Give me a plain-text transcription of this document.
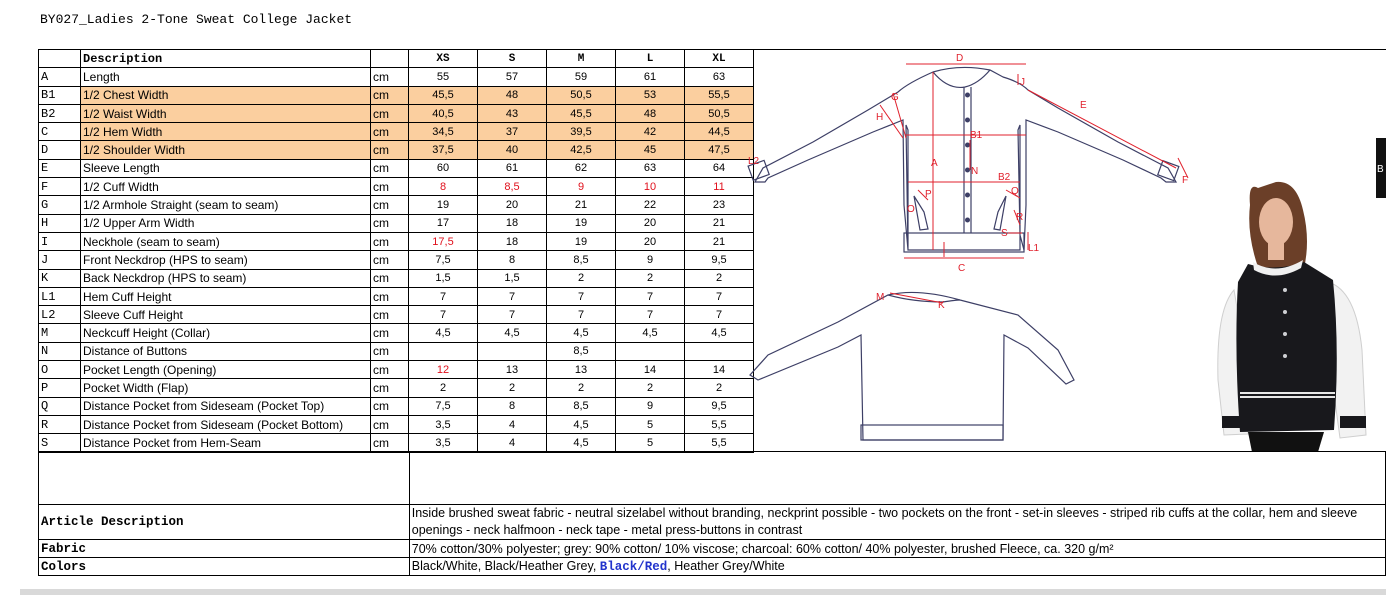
BY027_Ladies 2-Tone Sweat College Jacket
	Description		XS	S	M	L	XL
A	Length	cm	55	57	59	61	63
B1	1/2 Chest Width	cm	45,5	48	50,5	53	55,5
B2	1/2 Waist Width	cm	40,5	43	45,5	48	50,5
C	1/2 Hem Width	cm	34,5	37	39,5	42	44,5
D	1/2 Shoulder Width	cm	37,5	40	42,5	45	47,5
E	Sleeve Length	cm	60	61	62	63	64
F	1/2 Cuff Width	cm	8	8,5	9	10	11
G	1/2 Armhole Straight (seam to seam)	cm	19	20	21	22	23
H	1/2 Upper Arm Width	cm	17	18	19	20	21
I	Neckhole (seam to seam)	cm	17,5	18	19	20	21
J	Front Neckdrop (HPS to seam)	cm	7,5	8	8,5	9	9,5
K	Back Neckdrop (HPS to seam)	cm	1,5	1,5	2	2	2
L1	Hem Cuff Height	cm	7	7	7	7	7
L2	Sleeve Cuff Height	cm	7	7	7	7	7
M	Neckcuff Height (Collar)	cm	4,5	4,5	4,5	4,5	4,5
N	Distance of Buttons	cm			8,5		
O	Pocket Length (Opening)	cm	12	13	13	14	14
P	Pocket Width (Flap)	cm	2	2	2	2	2
Q	Distance Pocket from Sideseam (Pocket Top)	cm	7,5	8	8,5	9	9,5
R	Distance Pocket from Sideseam (Pocket Bottom)	cm	3,5	4	4,5	5	5,5
S	Distance Pocket from Hem-Seam	cm	3,5	4	4,5	5	5,5
D
J
G
H
E
B1
A
N
B2
Q
P
O
R
S
L1
L2
F
C
M
K
B

Article Description	Inside brushed sweat fabric - neutral sizelabel without branding, neckprint possible - two pockets on the front - set-in sleeves - striped rib cuffs at the collar, hem and sleeve openings - neck halfmoon - neck tape - metal press-buttons in contrast
Fabric	70% cotton/30% polyester; grey: 90% cotton/ 10% viscose; charcoal: 60% cotton/ 40% polyester, brushed Fleece, ca. 320 g/m²
Colors	Black/White, Black/Heather Grey, Black/Red, Heather Grey/White
